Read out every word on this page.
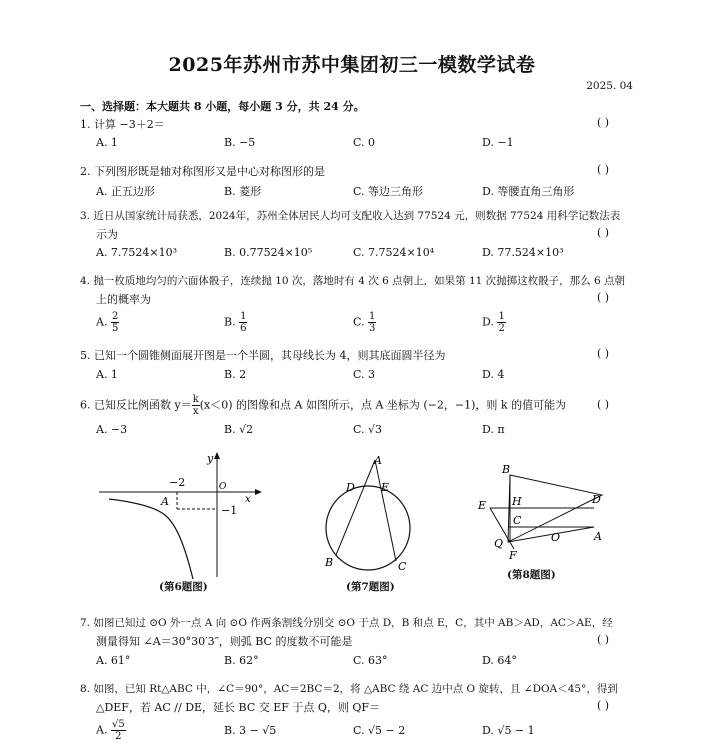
2025年苏州市苏中集团初三一模数学试卷
2025. 04
一、选择题：本大题共 8 小题，每小题 3 分，共 24 分。
1. 计算 −3＋2＝	( )
A. 1	B. −5	C. 0	D. −1
2. 下列图形既是轴对称图形又是中心对称图形的是	( )
A. 正五边形	B. 菱形	C. 等边三角形	D. 等腰直角三角形
3. 近日从国家统计局获悉，2024年，苏州全体居民人均可支配收入达到 77524 元，则数据 77524 用科学记数法表
示为	( )
A. 7.7524×10³	B. 0.77524×10⁵	C. 7.7524×10⁴	D. 77.524×10³
4. 抛一枚质地均匀的六面体骰子，连续抛 10 次，落地时有 4 次 6 点朝上，如果第 11 次抛掷这枚骰子，那么 6 点朝
上的概率为	( )
A. $\frac{2}{5}$	B. $\frac{1}{6}$	C. $\frac{1}{3}$	D. $\frac{1}{2}$
5. 已知一个圆锥侧面展开图是一个半圆，其母线长为 4，则其底面圆半径为	( )
A. 1	B. 2	C. 3	D. 4
6. 已知反比例函数 $y= \frac{k}{x} (x<0)$ 的图像和点 A 如图所示，点 A 坐标为 (−2，−1)，则 k 的值可能为	( )
A. −3	B. √2	C. √3	D. π
y
x
O
−2
A
−1
(第6题图)
A
D E
B	C
(第7题图)
B
H	D
E
C
Q	O	A
F
(第8题图)
7. 如图已知过 ⊙O 外一点 A 向 ⊙O 作两条割线分别交 ⊙O 于点 D，B 和点 E，C，其中 AB＞AD，AC＞AE，经
测量得知 ∠A＝30°30′3″，则弧 BC 的度数不可能是	( )
A. 61°	B. 62°	C. 63°	D. 64°
8. 如图，已知 Rt△ABC 中，∠C＝90°，AC＝2BC＝2，将 △ABC 绕 AC 边中点 O 旋转，且 ∠DOA＜45°，得到
△DEF，若 AC // DE，延长 BC 交 EF 于点 Q，则 QF＝	( )
A. $\frac{√5}{2}$	B. 3 − √5	C. √5 − 2	D. √5 − 1
